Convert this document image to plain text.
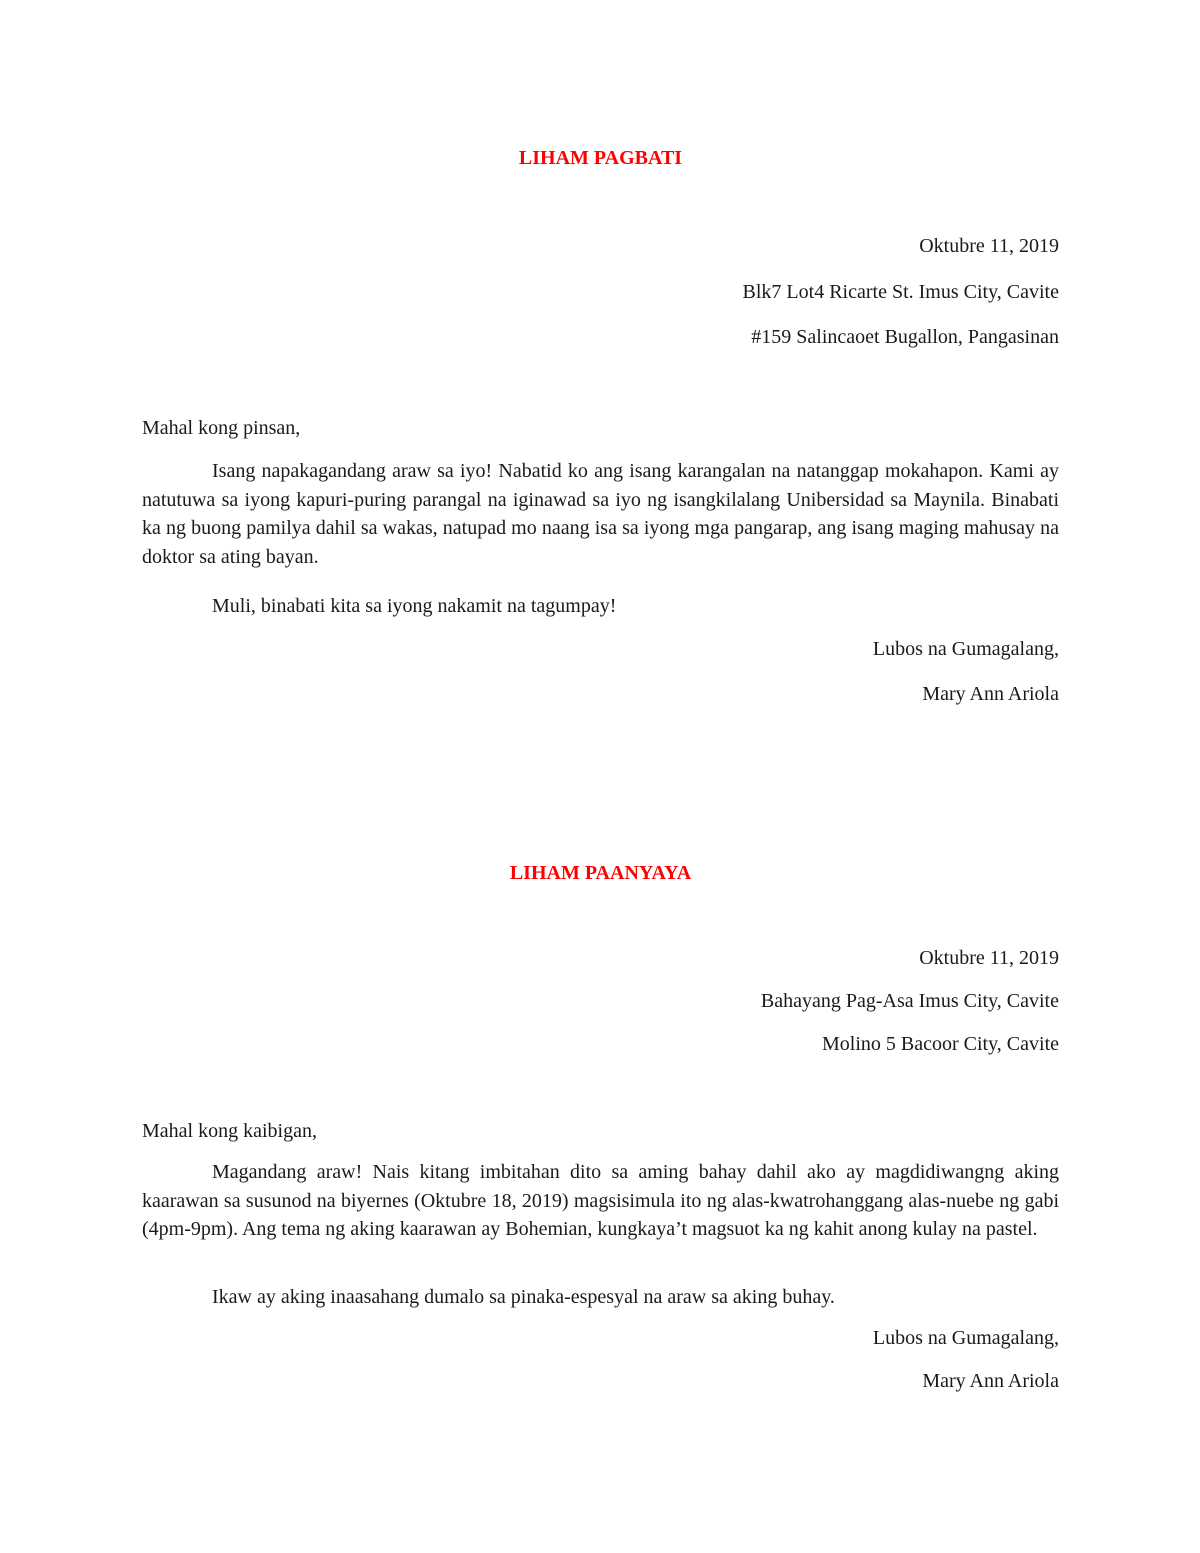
LIHAM PAGBATI

Oktubre 11, 2019

Blk7 Lot4 Ricarte St. Imus City, Cavite

#159 Salincaoet Bugallon, Pangasinan

Mahal kong pinsan,

Isang napakagandang araw sa iyo! Nabatid ko ang isang karangalan na natanggap mokahapon. Kami ay natutuwa sa iyong kapuri-puring parangal na iginawad sa iyo ng isangkilalang Unibersidad sa Maynila. Binabati ka ng buong pamilya dahil sa wakas, natupad mo naang isa sa iyong mga pangarap, ang isang maging mahusay na doktor sa ating bayan.

Muli, binabati kita sa iyong nakamit na tagumpay!

Lubos na Gumagalang,

Mary Ann Ariola

LIHAM PAANYAYA

Oktubre 11, 2019

Bahayang Pag-Asa Imus City, Cavite

Molino 5 Bacoor City, Cavite

Mahal kong kaibigan,

Magandang araw! Nais kitang imbitahan dito sa aming bahay dahil ako ay magdidiwangng aking kaarawan sa susunod na biyernes (Oktubre 18, 2019) magsisimula ito ng alas-kwatrohanggang alas-nuebe ng gabi (4pm-9pm). Ang tema ng aking kaarawan ay Bohemian, kungkaya’t magsuot ka ng kahit anong kulay na pastel.

Ikaw ay aking inaasahang dumalo sa pinaka-espesyal na araw sa aking buhay.

Lubos na Gumagalang,

Mary Ann Ariola
